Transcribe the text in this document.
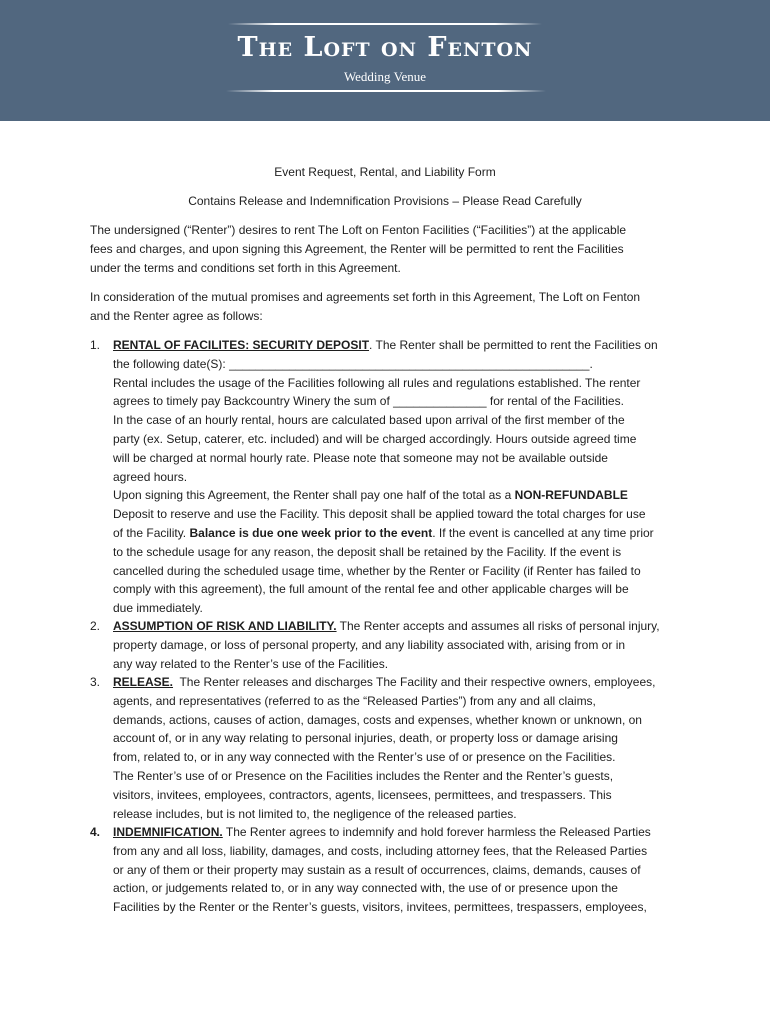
The Loft on Fenton
Wedding Venue
Event Request, Rental, and Liability Form
Contains Release and Indemnification Provisions – Please Read Carefully
The undersigned (“Renter”) desires to rent The Loft on Fenton Facilities (“Facilities”) at the applicable
fees and charges, and upon signing this Agreement, the Renter will be permitted to rent the Facilities
under the terms and conditions set forth in this Agreement.
In consideration of the mutual promises and agreements set forth in this Agreement, The Loft on Fenton
and the Renter agree as follows:
1. RENTAL OF FACILITES: SECURITY DEPOSIT. The Renter shall be permitted to rent the Facilities on
the following date(S): ______________________________________________________.
Rental includes the usage of the Facilities following all rules and regulations established. The renter
agrees to timely pay Backcountry Winery the sum of ______________ for rental of the Facilities.
In the case of an hourly rental, hours are calculated based upon arrival of the first member of the
party (ex. Setup, caterer, etc. included) and will be charged accordingly. Hours outside agreed time
will be charged at normal hourly rate. Please note that someone may not be available outside
agreed hours.
Upon signing this Agreement, the Renter shall pay one half of the total as a NON-REFUNDABLE
Deposit to reserve and use the Facility. This deposit shall be applied toward the total charges for use
of the Facility. Balance is due one week prior to the event. If the event is cancelled at any time prior
to the schedule usage for any reason, the deposit shall be retained by the Facility. If the event is
cancelled during the scheduled usage time, whether by the Renter or Facility (if Renter has failed to
comply with this agreement), the full amount of the rental fee and other applicable charges will be
due immediately.
2. ASSUMPTION OF RISK AND LIABILITY. The Renter accepts and assumes all risks of personal injury,
property damage, or loss of personal property, and any liability associated with, arising from or in
any way related to the Renter’s use of the Facilities.
3. RELEASE.  The Renter releases and discharges The Facility and their respective owners, employees,
agents, and representatives (referred to as the “Released Parties”) from any and all claims,
demands, actions, causes of action, damages, costs and expenses, whether known or unknown, on
account of, or in any way relating to personal injuries, death, or property loss or damage arising
from, related to, or in any way connected with the Renter’s use of or presence on the Facilities.
The Renter’s use of or Presence on the Facilities includes the Renter and the Renter’s guests,
visitors, invitees, employees, contractors, agents, licensees, permittees, and trespassers. This
release includes, but is not limited to, the negligence of the released parties.
4. INDEMNIFICATION. The Renter agrees to indemnify and hold forever harmless the Released Parties
from any and all loss, liability, damages, and costs, including attorney fees, that the Released Parties
or any of them or their property may sustain as a result of occurrences, claims, demands, causes of
action, or judgements related to, or in any way connected with, the use of or presence upon the
Facilities by the Renter or the Renter’s guests, visitors, invitees, permittees, trespassers, employees,
